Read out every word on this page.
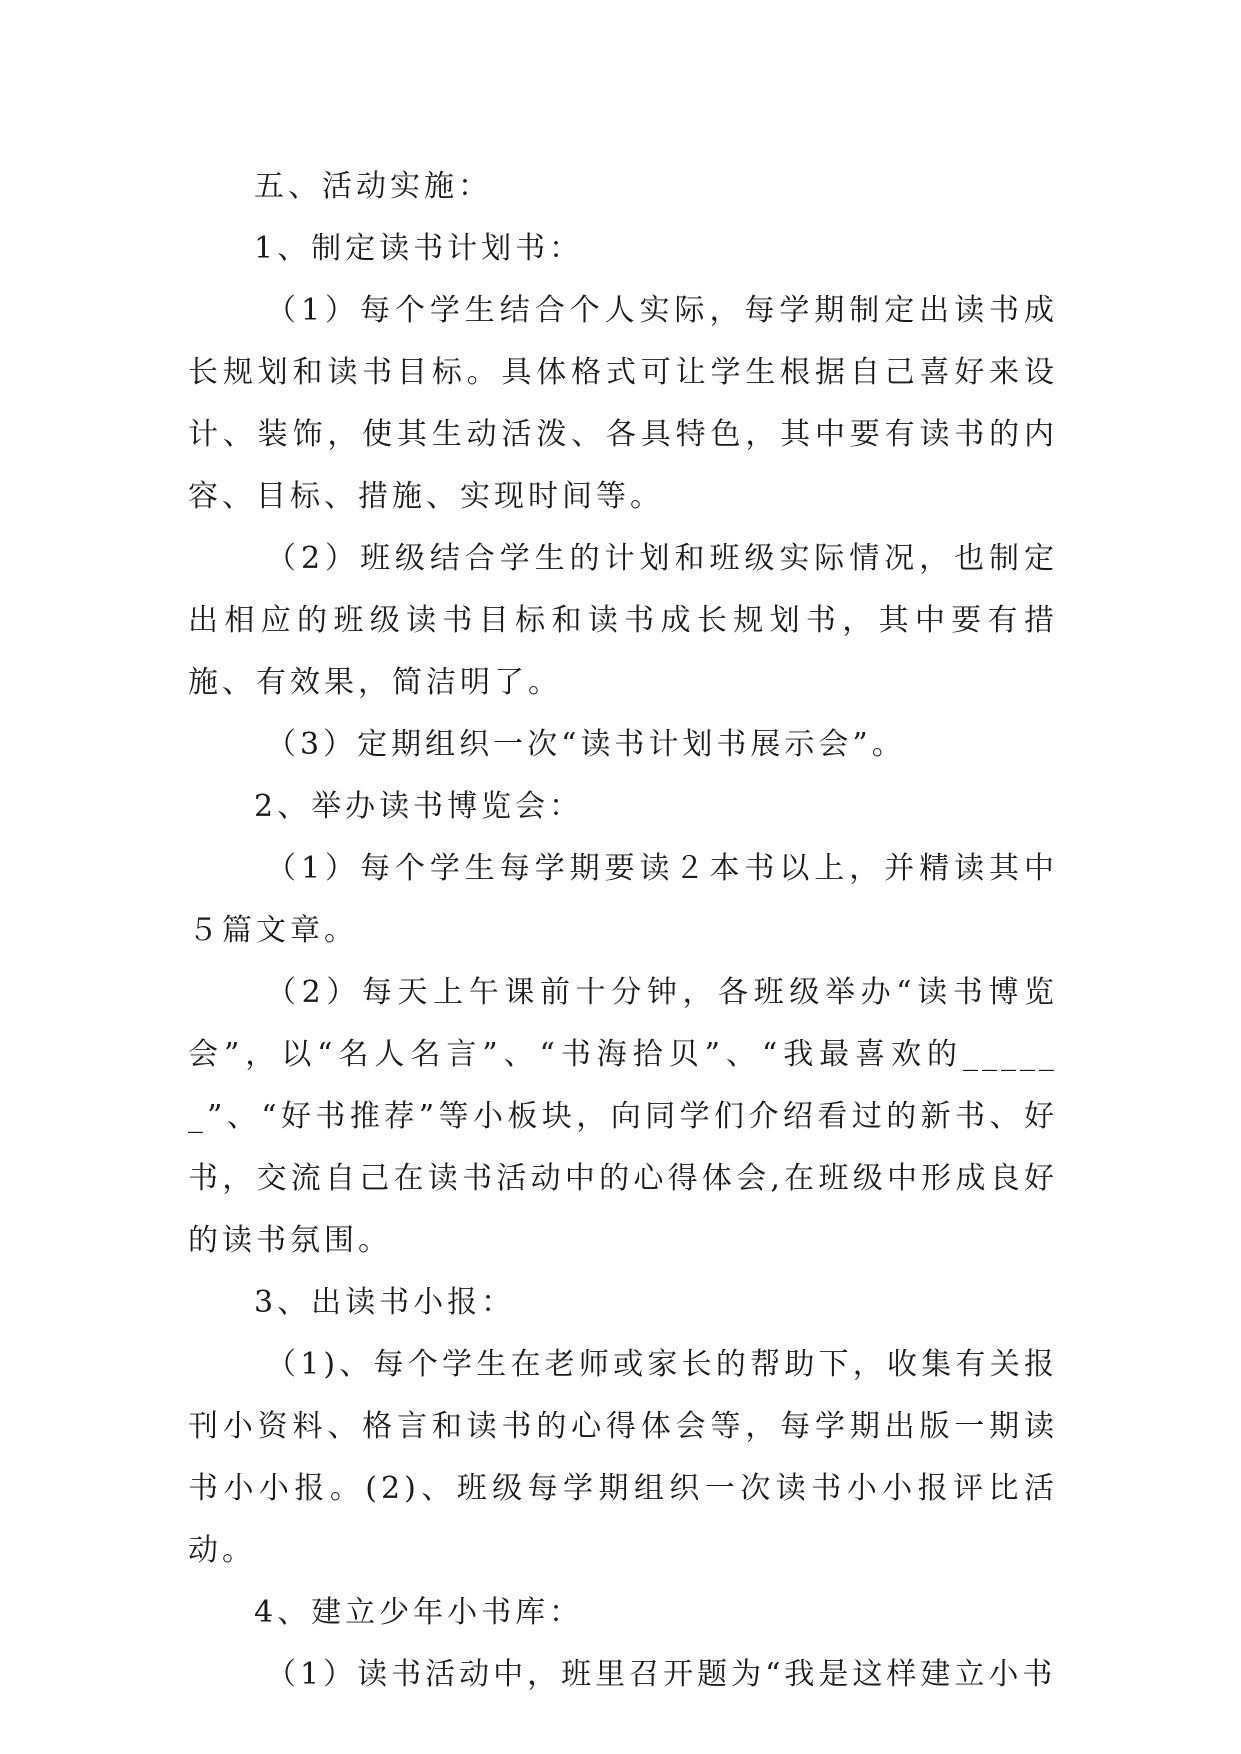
五、活动实施：

1、制定读书计划书：

（1）每个学生结合个人实际，每学期制定出读书成长规划和读书目标。具体格式可让学生根据自己喜好来设计、装饰，使其生动活泼、各具特色，其中要有读书的内容、目标、措施、实现时间等。

（2）班级结合学生的计划和班级实际情况，也制定出相应的班级读书目标和读书成长规划书，其中要有措施、有效果，简洁明了。

（3）定期组织一次“读书计划书展示会”。

2、举办读书博览会：

（1）每个学生每学期要读２本书以上，并精读其中５篇文章。

（2）每天上午课前十分钟，各班级举办“读书博览会”，以“名人名言”、“书海拾贝”、“我最喜欢的______”、“好书推荐”等小板块，向同学们介绍看过的新书、好书，交流自己在读书活动中的心得体会,在班级中形成良好的读书氛围。

3、出读书小报：

（1)、每个学生在老师或家长的帮助下，收集有关报刊小资料、格言和读书的心得体会等，每学期出版一期读书小小报。(2)、班级每学期组织一次读书小小报评比活动。

4、建立少年小书库：

（1）读书活动中，班里召开题为“我是这样建立小书
